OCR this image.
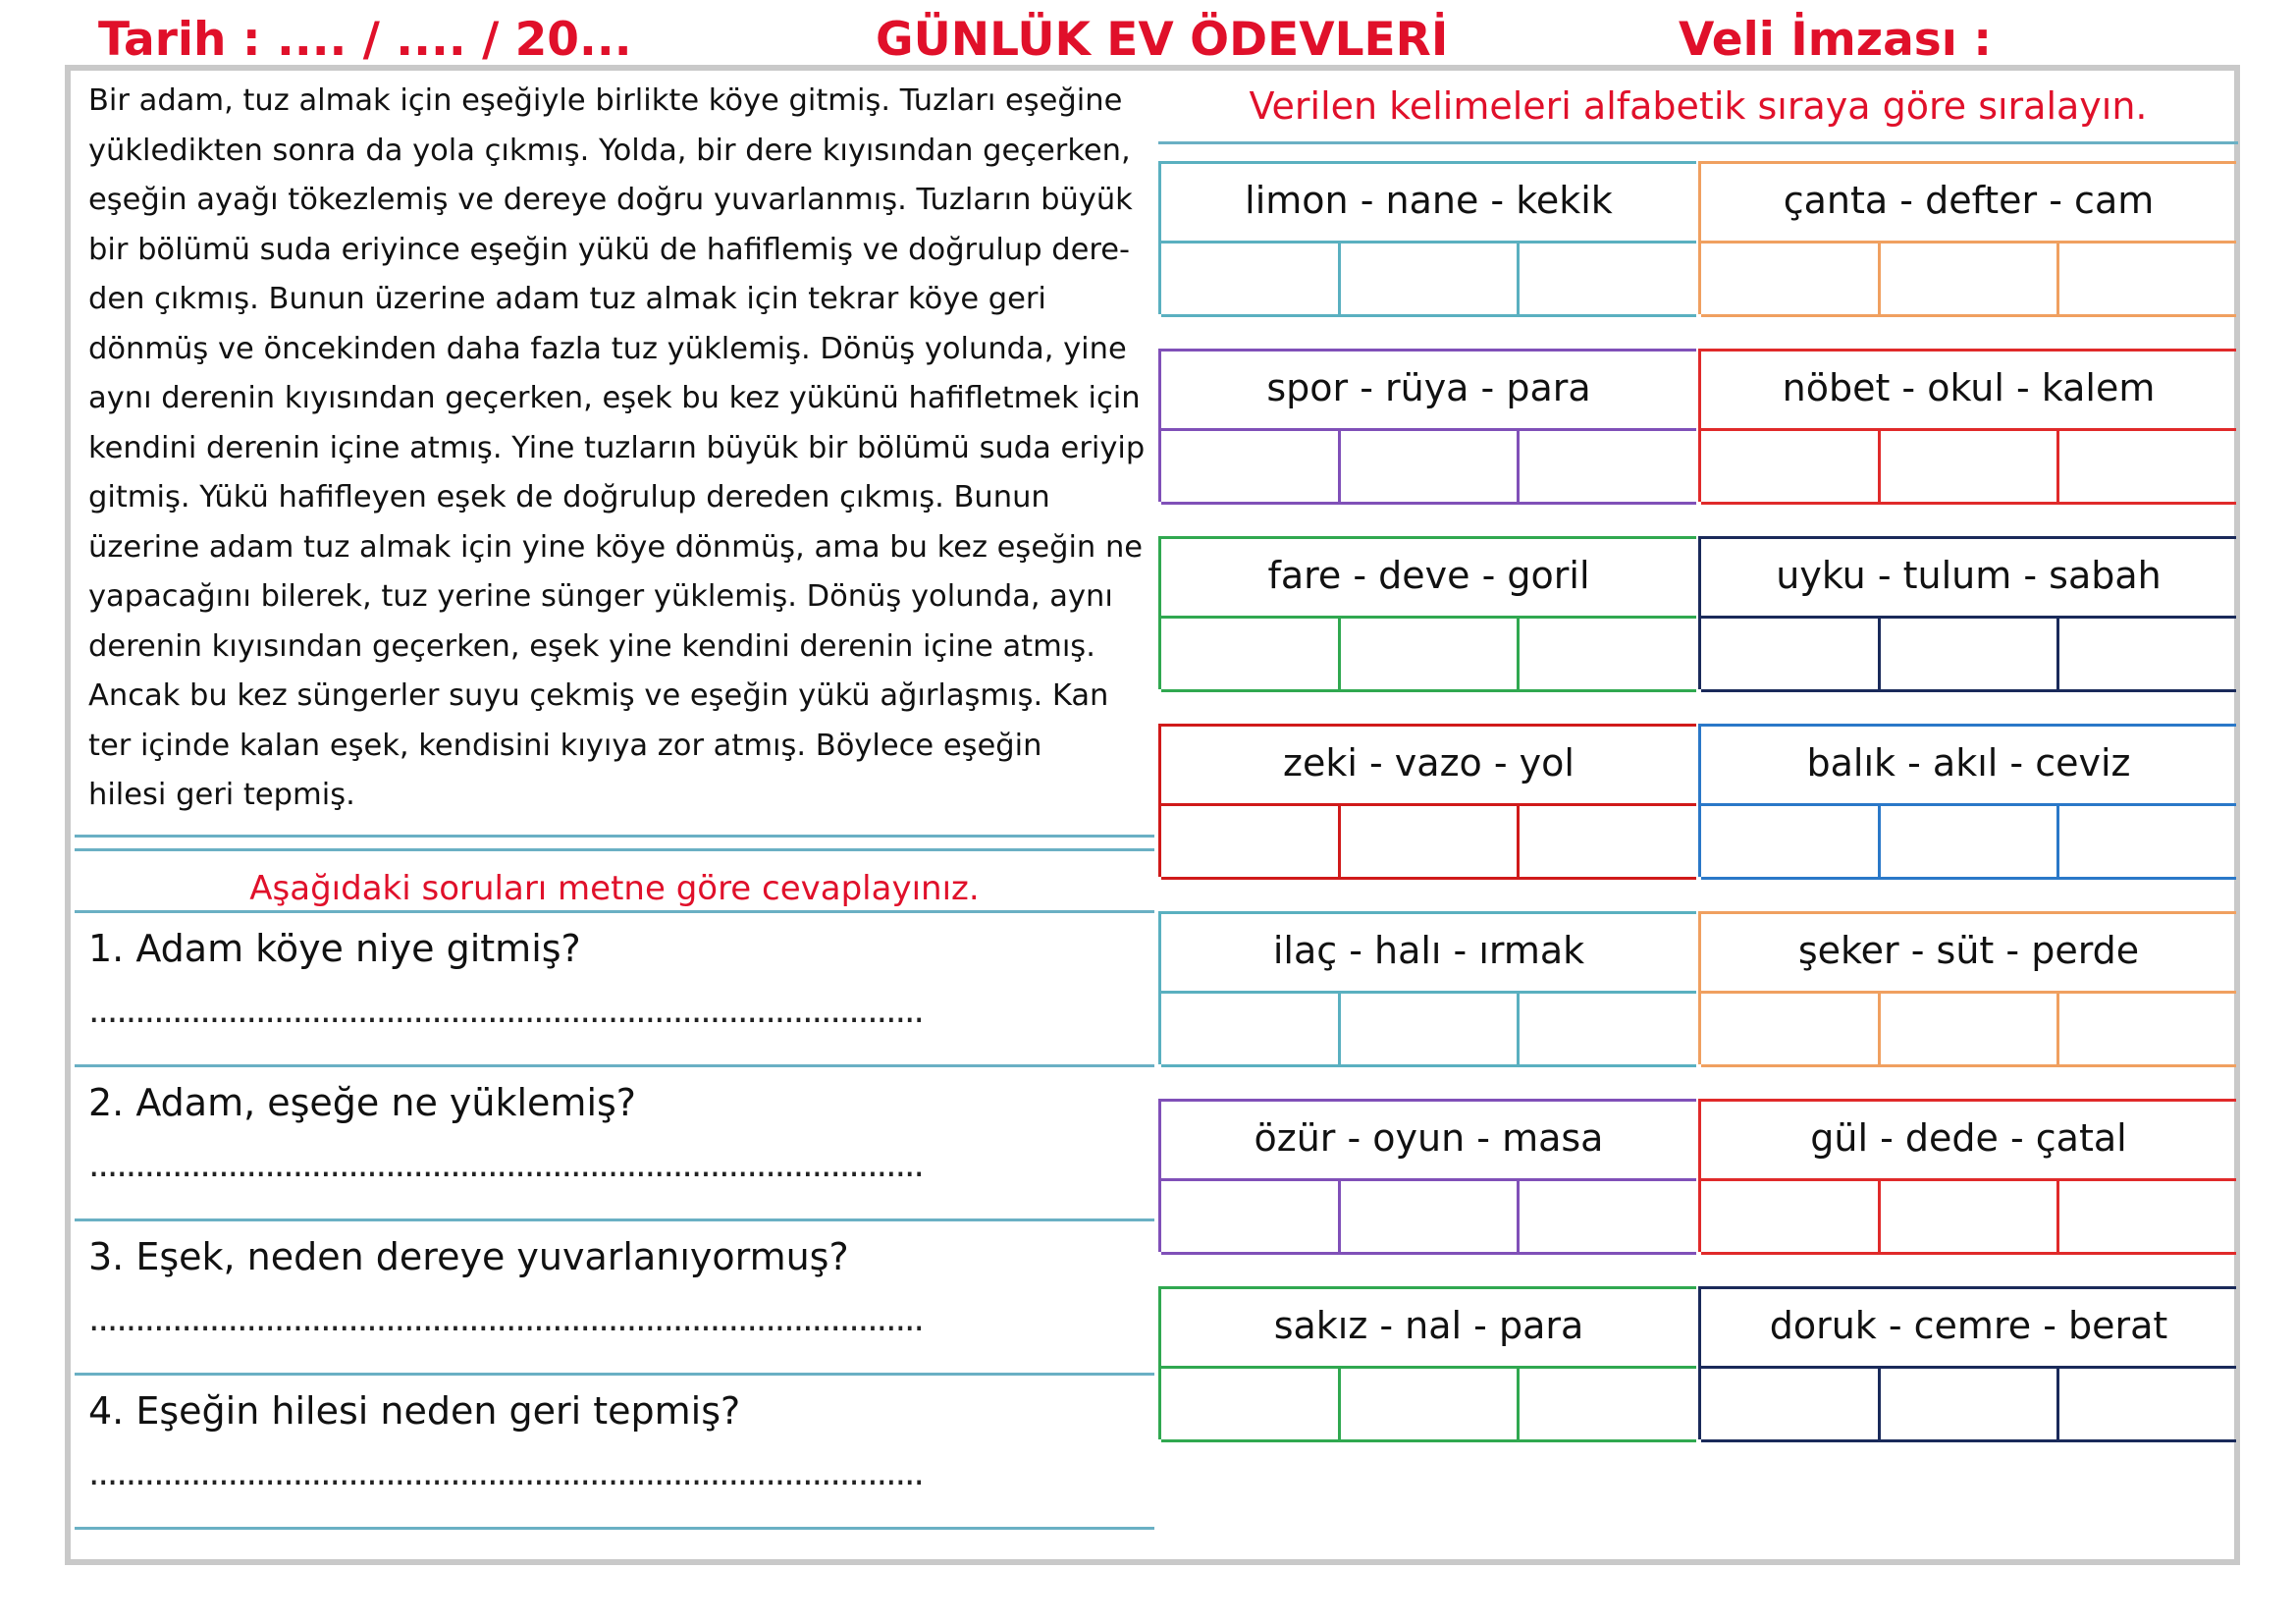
Tarih : .... / .... / 20...	GÜNLÜK EV ÖDEVLERİ	Veli İmzası :

Bir adam, tuz almak için eşeğiyle birlikte köye gitmiş. Tuzları eşeğine
yükledikten sonra da yola çıkmış. Yolda, bir dere kıyısından geçerken,
eşeğin ayağı tökezlemiş ve dereye doğru yuvarlanmış. Tuzların büyük
bir bölümü suda eriyince eşeğin yükü de hafiflemiş ve doğrulup dere-
den çıkmış. Bunun üzerine adam tuz almak için tekrar köye geri
dönmüş ve öncekinden daha fazla tuz yüklemiş. Dönüş yolunda, yine
aynı derenin kıyısından geçerken, eşek bu kez yükünü hafifletmek için
kendini derenin içine atmış. Yine tuzların büyük bir bölümü suda eriyip
gitmiş. Yükü hafifleyen eşek de doğrulup dereden çıkmış. Bunun
üzerine adam tuz almak için yine köye dönmüş, ama bu kez eşeğin ne
yapacağını bilerek, tuz yerine sünger yüklemiş. Dönüş yolunda, aynı
derenin kıyısından geçerken, eşek yine kendini derenin içine atmış.
Ancak bu kez süngerler suyu çekmiş ve eşeğin yükü ağırlaşmış. Kan
ter içinde kalan eşek, kendisini kıyıya zor atmış. Böylece eşeğin
hilesi geri tepmiş.

Aşağıdaki soruları metne göre cevaplayınız.
1. Adam köye niye gitmiş?
..........................................................................................
2. Adam, eşeğe ne yüklemiş?
..........................................................................................
3. Eşek, neden dereye yuvarlanıyormuş?
..........................................................................................
4. Eşeğin hilesi neden geri tepmiş?
..........................................................................................
Verilen kelimeleri alfabetik sıraya göre sıralayın.
limon - nane - kekik	çanta - defter - cam
spor - rüya - para	nöbet - okul - kalem
fare - deve - goril	uyku - tulum - sabah
zeki - vazo - yol	balık - akıl - ceviz
ilaç - halı - ırmak	şeker - süt - perde
özür - oyun - masa	gül - dede - çatal
sakız - nal - para	doruk - cemre - berat
